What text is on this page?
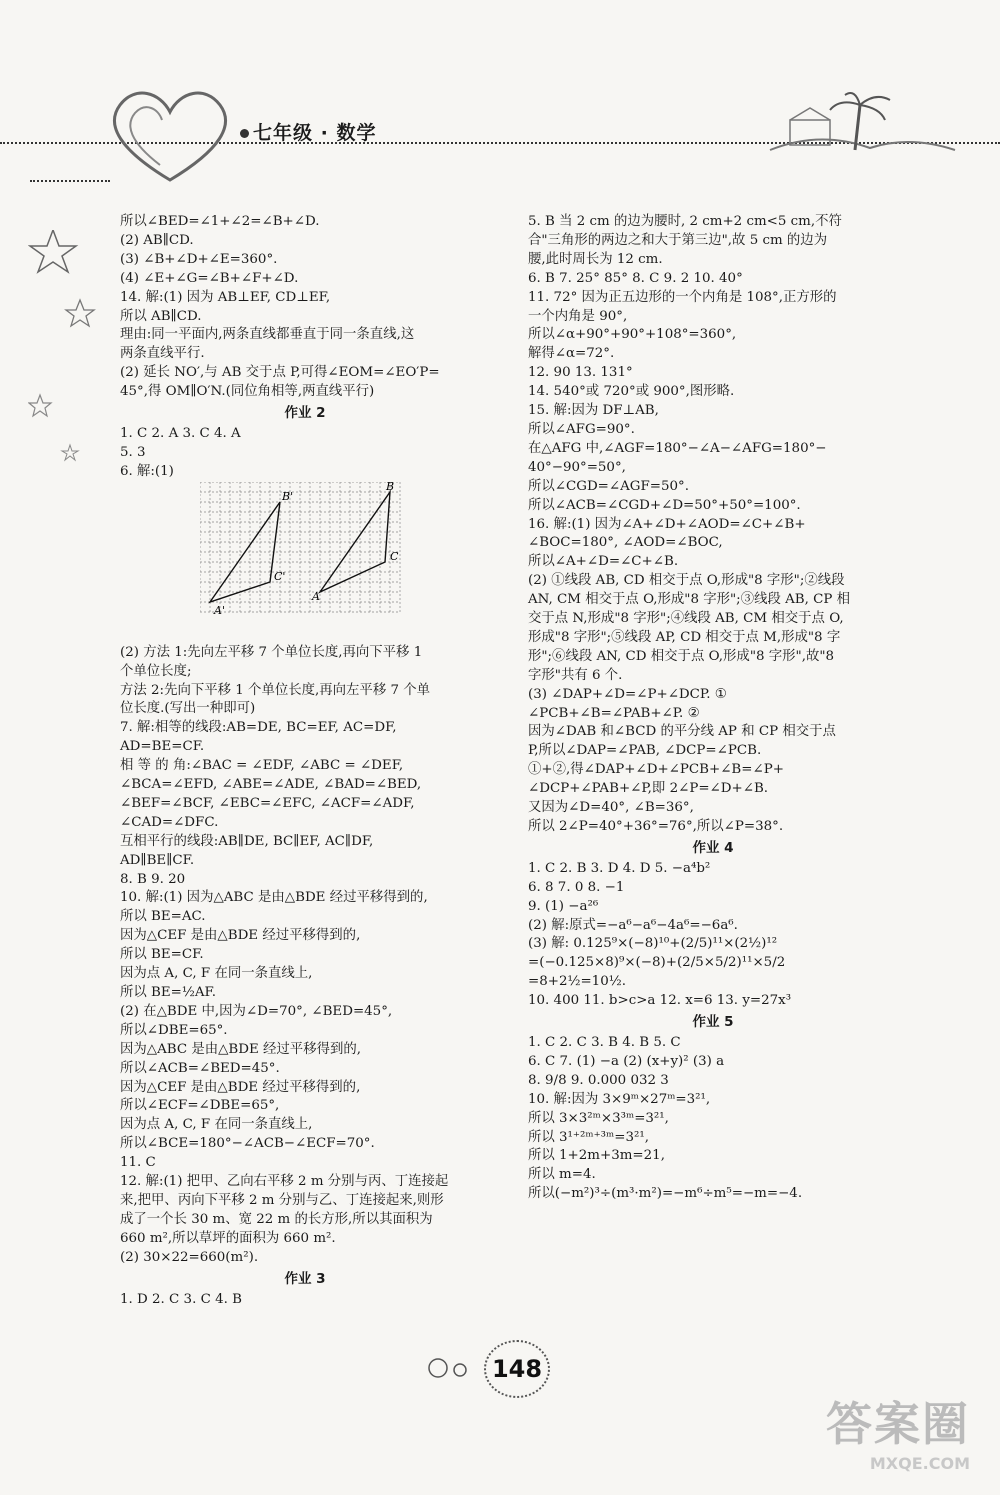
七年级 · 数学
所以∠BED=∠1+∠2=∠B+∠D.
(2) AB∥CD.
(3) ∠B+∠D+∠E=360°.
(4) ∠E+∠G=∠B+∠F+∠D.
14. 解:(1) 因为 AB⊥EF, CD⊥EF,
所以 AB∥CD.
理由:同一平面内,两条直线都垂直于同一条直线,这
两条直线平行.
(2) 延长 NO′,与 AB 交于点 P,可得∠EOM=∠EO′P=
45°,得 OM∥O′N.(同位角相等,两直线平行)
作业 2
1. C 2. A 3. C 4. A
5. 3
6. 解:(1)
A
B
C
A'
B'
C'
(2) 方法 1:先向左平移 7 个单位长度,再向下平移 1
个单位长度;
方法 2:先向下平移 1 个单位长度,再向左平移 7 个单
位长度.(写出一种即可)
7. 解:相等的线段:AB=DE, BC=EF, AC=DF,
AD=BE=CF.
相 等 的 角:∠BAC = ∠EDF, ∠ABC = ∠DEF,
∠BCA=∠EFD, ∠ABE=∠ADE, ∠BAD=∠BED,
∠BEF=∠BCF, ∠EBC=∠EFC, ∠ACF=∠ADF,
∠CAD=∠DFC.
互相平行的线段:AB∥DE, BC∥EF, AC∥DF,
AD∥BE∥CF.
8. B 9. 20
10. 解:(1) 因为△ABC 是由△BDE 经过平移得到的,
所以 BE=AC.
因为△CEF 是由△BDE 经过平移得到的,
所以 BE=CF.
因为点 A, C, F 在同一条直线上,
所以 BE=½AF.
(2) 在△BDE 中,因为∠D=70°, ∠BED=45°,
所以∠DBE=65°.
因为△ABC 是由△BDE 经过平移得到的,
所以∠ACB=∠BED=45°.
因为△CEF 是由△BDE 经过平移得到的,
所以∠ECF=∠DBE=65°,
因为点 A, C, F 在同一条直线上,
所以∠BCE=180°−∠ACB−∠ECF=70°.
11. C
12. 解:(1) 把甲、乙向右平移 2 m 分别与丙、丁连接起
来,把甲、丙向下平移 2 m 分别与乙、丁连接起来,则形
成了一个长 30 m、宽 22 m 的长方形,所以其面积为
660 m²,所以草坪的面积为 660 m².
(2) 30×22=660(m²).
作业 3
1. D 2. C 3. C 4. B
5. B 当 2 cm 的边为腰时, 2 cm+2 cm<5 cm,不符
合"三角形的两边之和大于第三边",故 5 cm 的边为
腰,此时周长为 12 cm.
6. B 7. 25° 85° 8. C 9. 2 10. 40°
11. 72° 因为正五边形的一个内角是 108°,正方形的
一个内角是 90°,
所以∠α+90°+90°+108°=360°,
解得∠α=72°.
12. 90 13. 131°
14. 540°或 720°或 900°,图形略.
15. 解:因为 DF⊥AB,
所以∠AFG=90°.
在△AFG 中,∠AGF=180°−∠A−∠AFG=180°−
40°−90°=50°,
所以∠CGD=∠AGF=50°.
所以∠ACB=∠CGD+∠D=50°+50°=100°.
16. 解:(1) 因为∠A+∠D+∠AOD=∠C+∠B+
∠BOC=180°, ∠AOD=∠BOC,
所以∠A+∠D=∠C+∠B.
(2) ①线段 AB, CD 相交于点 O,形成"8 字形";②线段
AN, CM 相交于点 O,形成"8 字形";③线段 AB, CP 相
交于点 N,形成"8 字形";④线段 AB, CM 相交于点 O,
形成"8 字形";⑤线段 AP, CD 相交于点 M,形成"8 字
形";⑥线段 AN, CD 相交于点 O,形成"8 字形",故"8
字形"共有 6 个.
(3) ∠DAP+∠D=∠P+∠DCP. ①
∠PCB+∠B=∠PAB+∠P. ②
因为∠DAB 和∠BCD 的平分线 AP 和 CP 相交于点
P,所以∠DAP=∠PAB, ∠DCP=∠PCB.
①+②,得∠DAP+∠D+∠PCB+∠B=∠P+
∠DCP+∠PAB+∠P,即 2∠P=∠D+∠B.
又因为∠D=40°, ∠B=36°,
所以 2∠P=40°+36°=76°,所以∠P=38°.
作业 4
1. C 2. B 3. D 4. D 5. −a⁴b²
6. 8 7. 0 8. −1
9. (1) −a²⁶
(2) 解:原式=−a⁶−a⁶−4a⁶=−6a⁶.
(3) 解: 0.125⁹×(−8)¹⁰+(2/5)¹¹×(2½)¹²
=(−0.125×8)⁹×(−8)+(2/5×5/2)¹¹×5/2
=8+2½=10½.
10. 400 11. b>c>a 12. x=6 13. y=27x³
作业 5
1. C 2. C 3. B 4. B 5. C
6. C 7. (1) −a (2) (x+y)² (3) a
8. 9/8 9. 0.000 032 3
10. 解:因为 3×9ᵐ×27ᵐ=3²¹,
所以 3×3²ᵐ×3³ᵐ=3²¹,
所以 3¹⁺²ᵐ⁺³ᵐ=3²¹,
所以 1+2m+3m=21,
所以 m=4.
所以(−m²)³÷(m³·m²)=−m⁶÷m⁵=−m=−4.
148
答案圈
MXQE.COM
